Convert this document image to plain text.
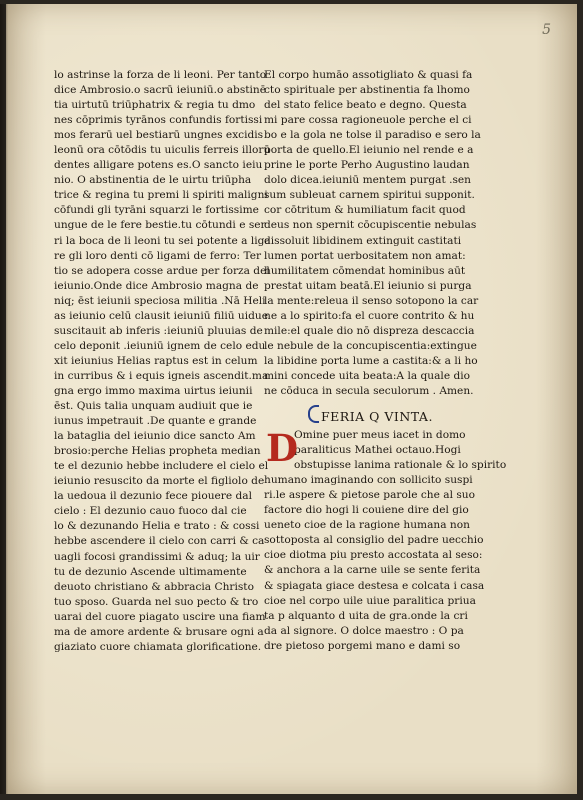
5
lo astrinse la forza de li leoni. Per tanto
dice Ambrosio.o sacrū ieiuniū.o abstinē
tia uirtutū triūphatrix & regia tu dmo
nes cōprimis tyrānos confundis fortissi
mos ferarū uel bestiarū ungnes excidis
leonū ora cōtōdis tu uiculis ferreis illorū
dentes alligare potens es.O sancto ieiu
nio. O abstinentia de le uirtu triūpha
trice & regina tu premi li spiriti maligni
cōfundi gli tyrāni squarzi le fortissime
ungue de le fere bestie.tu cōtundi e ser
ri la boca de li leoni tu sei potente a liga
re gli loro denti cō ligami de ferro: Ter
tio se adopera cosse ardue per forza del
ieiunio.Onde dice Ambrosio magna de
niq; ēst ieiunii speciosa militia .Nā Heli
as ieiunio celū clausit ieiuniū filiū uidue
suscitauit ab inferis :ieiuniū pluuias de
celo deponit .ieiuniū ignem de celo edu
xit ieiunius Helias raptus est in celum
in curribus & i equis igneis ascendit.ma
gna ergo immo maxima uirtus ieiunii
ēst. Quis talia unquam audiuit que ie
iunus impetrauit .De quante e grande
la bataglia del ieiunio dice sancto Am
brosio:perche Helias propheta median
te el dezunio hebbe includere el cielo el
ieiunio resuscito da morte el figliolo de
la uedoua il dezunio fece piouere dal
cielo : El dezunio cauo fuoco dal cie
lo & dezunando Helia e trato : & cossi
hebbe ascendere il cielo con carri & ca
uagli focosi grandissimi & aduq; la uir
tu de dezunio Ascende ultimamente
deuoto christiano & abbracia Christo
tuo sposo. Guarda nel suo pecto & tro
uarai del cuore piagato uscire una fiam
ma de amore ardente & brusare ogni a
giaziato cuore chiamata glorificatione.
El corpo humāo assotigliato & quasi fa
cto spirituale per abstinentia fa lhomo
del stato felice beato e degno. Questa
mi pare cossa ragioneuole perche el ci
bo e la gola ne tolse il paradiso e sero la
porta de quello.El ieiunio nel rende e a
prine le porte Perho Augustino laudan
dolo dicea.ieiuniū mentem purgat .sen
sum subleuat carnem spiritui supponit.
cor cōtritum & humiliatum facit quod
deus non spernit cōcupiscentie nebulas
dissoluit libidinem extinguit castitati
lumen portat uerbositatem non amat:
humilitatem cōmendat hominibus aūt
prestat uitam beatā.El ieiunio si purga
la mente:releua il senso sotopono la car
ne a lo spirito:fa el cuore contrito & hu
mile:el quale dio nō dispreza descaccia
le nebule de la concupiscentia:extingue
la libidine porta lume a castita:& a li ho
mini concede uita beata:A la quale dio
ne cōduca in secula seculorum . Amen.
FERIA Q VINTA.
D
Omine puer meus iacet in domo
paraliticus Mathei octauo.Hogi
obstupisse lanima rationale & lo spirito
humano imaginando con sollicito suspi
ri.le aspere & pietose parole che al suo
factore dio hogi li couiene dire del gio
ueneto cioe de la ragione humana non
sottoposta al consiglio del padre uecchio
cioe diotma piu presto accostata al seso:
& anchora a la carne uile se sente ferita
& spiagata giace destesa e colcata i casa
cioe nel corpo uile uiue paralitica priua
ta p alquanto d uita de gra.onde la cri
da al signore. O dolce maestro : O pa
dre pietoso porgemi mano e dami so
